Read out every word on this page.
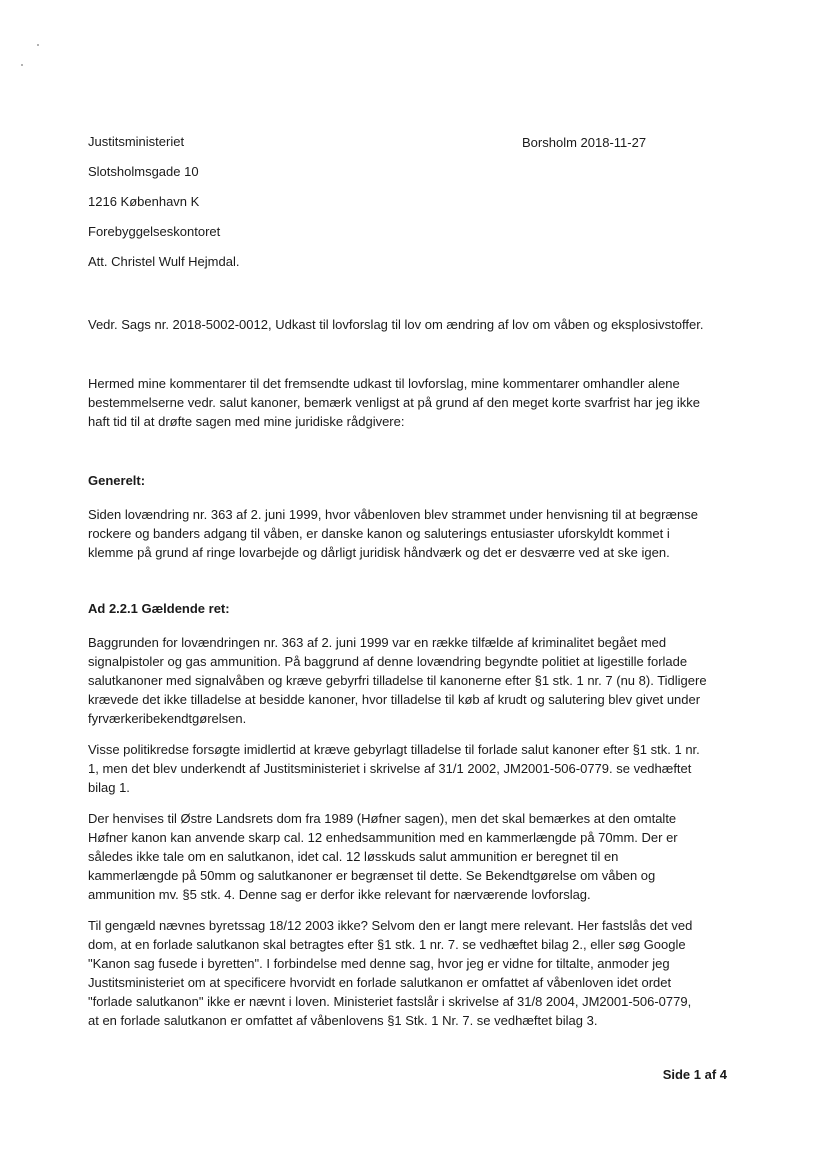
Justitsministeriet
Slotsholmsgade 10
1216 København K
Forebyggelseskontoret
Att. Christel Wulf Hejmdal.
Borsholm 2018-11-27
Vedr. Sags nr. 2018-5002-0012, Udkast til lovforslag til lov om ændring af lov om våben og eksplosivstoffer.
Hermed mine kommentarer til det fremsendte udkast til lovforslag, mine kommentarer omhandler alene
bestemmelserne vedr. salut kanoner, bemærk venligst at på grund af den meget korte svarfrist har jeg ikke
haft tid til at drøfte sagen med mine juridiske rådgivere:
Generelt:
Siden lovændring nr. 363 af 2. juni 1999, hvor våbenloven blev strammet under henvisning til at begrænse
rockere og banders adgang til våben, er danske kanon og saluterings entusiaster uforskyldt kommet i
klemme på grund af ringe lovarbejde og dårligt juridisk håndværk og det er desværre ved at ske igen.
Ad 2.2.1 Gældende ret:
Baggrunden for lovændringen nr. 363 af 2. juni 1999 var en række tilfælde af kriminalitet begået med
signalpistoler og gas ammunition. På baggrund af denne lovændring begyndte politiet at ligestille forlade
salutkanoner med signalvåben og kræve gebyrfri tilladelse til kanonerne efter §1 stk. 1 nr. 7 (nu 8). Tidligere
krævede det ikke tilladelse at besidde kanoner, hvor tilladelse til køb af krudt og salutering blev givet under
fyrværkeribekendtgørelsen.
Visse politikredse forsøgte imidlertid at kræve gebyrlagt tilladelse til forlade salut kanoner efter §1 stk. 1 nr.
1, men det blev underkendt af Justitsministeriet i skrivelse af 31/1 2002, JM2001-506-0779. se vedhæftet
bilag 1.
Der henvises til Østre Landsrets dom fra 1989 (Høfner sagen), men det skal bemærkes at den omtalte
Høfner kanon kan anvende skarp cal. 12 enhedsammunition med en kammerlængde på 70mm. Der er
således ikke tale om en salutkanon, idet cal. 12 løsskuds salut ammunition er beregnet til en
kammerlængde på 50mm og salutkanoner er begrænset til dette. Se Bekendtgørelse om våben og
ammunition mv. §5 stk. 4. Denne sag er derfor ikke relevant for nærværende lovforslag.
Til gengæld nævnes byretssag 18/12 2003 ikke? Selvom den er langt mere relevant. Her fastslås det ved
dom, at en forlade salutkanon skal betragtes efter §1 stk. 1 nr. 7. se vedhæftet bilag 2., eller søg Google
"Kanon sag fusede i byretten". I forbindelse med denne sag, hvor jeg er vidne for tiltalte, anmoder jeg
Justitsministeriet om at specificere hvorvidt en forlade salutkanon er omfattet af våbenloven idet ordet
"forlade salutkanon" ikke er nævnt i loven. Ministeriet fastslår i skrivelse af 31/8 2004, JM2001-506-0779,
at en forlade salutkanon er omfattet af våbenlovens §1 Stk. 1 Nr. 7. se vedhæftet bilag 3.
Side 1 af 4
